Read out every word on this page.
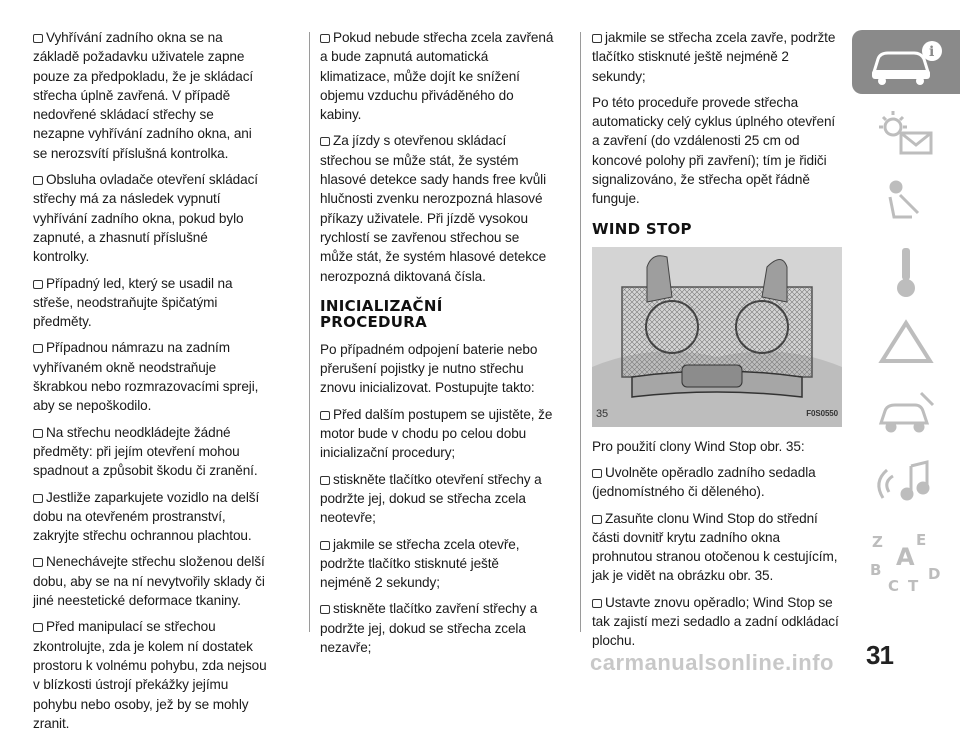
Vyhřívání zadního okna se na základě požadavku uživatele zapne pouze za předpokladu, že je skládací střecha úplně zavřená. V případě nedovřené skládací střechy se nezapne vyhřívání zadního okna, ani se nerozsvítí příslušná kontrolka.
Obsluha ovladače otevření skládací střechy má za následek vypnutí vyhřívání zadního okna, pokud bylo zapnuté, a zhasnutí příslušné kontrolky.
Případný led, který se usadil na střeše, neodstraňujte špičatými předměty.
Případnou námrazu na zadním vyhřívaném okně neodstraňuje škrabkou nebo rozmrazovacími spreji, aby se nepoškodilo.
Na střechu neodkládejte žádné předměty: při jejím otevření mohou spadnout a způsobit škodu či zranění.
Jestliže zaparkujete vozidlo na delší dobu na otevřeném prostranství, zakryjte střechu ochrannou plachtou.
Nenechávejte střechu složenou delší dobu, aby se na ní nevytvořily sklady či jiné neestetické deformace tkaniny.
Před manipulací se střechou zkontrolujte, zda je kolem ní dostatek prostoru k volnému pohybu, zda nejsou v blízkosti ústrojí překážky jejímu pohybu nebo osoby, jež by se mohly zranit.
Pokud nebude střecha zcela zavřená a bude zapnutá automatická klimatizace, může dojít ke snížení objemu vzduchu přiváděného do kabiny.
Za jízdy s otevřenou skládací střechou se může stát, že systém hlasové detekce sady hands free kvůli hlučnosti zvenku nerozpozná hlasové příkazy uživatele. Při jízdě vysokou rychlostí se zavřenou střechou se může stát, že systém hlasové detekce nerozpozná diktovaná čísla.
INICIALIZAČNÍ
PROCEDURA
Po případném odpojení baterie nebo přerušení pojistky je nutno střechu znovu inicializovat. Postupujte takto:
Před dalším postupem se ujistěte, že motor bude v chodu po celou dobu inicializační procedury;
stiskněte tlačítko otevření střechy a podržte jej, dokud se střecha zcela neotevře;
jakmile se střecha zcela otevře, podržte tlačítko stisknuté ještě nejméně 2 sekundy;
stiskněte tlačítko zavření střechy a podržte jej, dokud se střecha zcela nezavře;
jakmile se střecha zcela zavře, podržte tlačítko stisknuté ještě nejméně 2 sekundy;
Po této proceduře provede střecha automaticky celý cyklus úplného otevření a zavření (do vzdálenosti 25 cm od koncové polohy při zavření); tím je řidiči signalizováno, že střecha opět řádně funguje.
WIND STOP
35	F0S0550
Pro použití clony Wind Stop obr. 35:
Uvolněte opěradlo zadního sedadla (jednomístného či děleného).
Zasuňte clonu Wind Stop do střední části dovnitř krytu zadního okna prohnutou stranou otočenou k cestujícím, jak je vidět na obrázku obr. 35.
Ustavte znovu opěradlo; Wind Stop se tak zajistí mezi sedadlo a zadní odkládací plochu.
i
Z E
B
C T
D
A
31
carmanualsonline.info
